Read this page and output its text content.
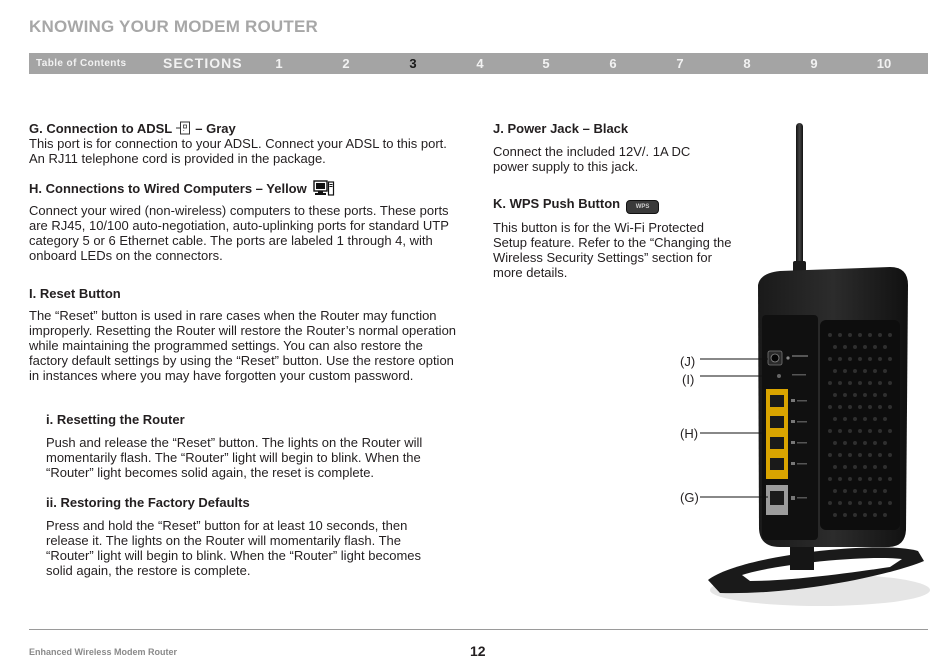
KNOWING YOUR MODEM ROUTER
Table of Contents	SECTIONS	1	2	3	4	5	6	7	8	9	10
G. Connection to ADSL	· – Gray
This port is for connection to your ADSL. Connect your ADSL to this port. An RJ11 telephone cord is provided in the package.
H. Connections to Wired Computers – Yellow
Connect your wired (non-wireless) computers to these ports. These ports are RJ45, 10/100 auto-negotiation, auto-uplinking ports for standard UTP category 5 or 6 Ethernet cable. The ports are labeled 1 through 4, with onboard LEDs on the connectors.
I. Reset Button
The “Reset” button is used in rare cases when the Router may function improperly. Resetting the Router will restore the Router’s normal operation while maintaining the programmed settings. You can also restore the factory default settings by using the “Reset” button. Use the restore option in instances where you may have forgotten your custom password.
i. Resetting the Router
Push and release the “Reset” button. The lights on the Router will momentarily flash. The “Router” light will begin to blink. When the “Router” light becomes solid again, the reset is complete.
ii. Restoring the Factory Defaults
Press and hold the “Reset” button for at least 10 seconds, then release it. The lights on the Router will momentarily flash. The “Router” light will begin to blink. When the “Router” light becomes solid again, the restore is complete.
J. Power Jack – Black
Connect the included 12V/. 1A DC power supply to this jack.
K. WPS Push Button	WPS
This button is for the Wi-Fi Protected Setup feature. Refer to the “Changing the Wireless Security Settings” section for more details.
(J)
(I)
(H)
(G)
Enhanced Wireless Modem Router	12
